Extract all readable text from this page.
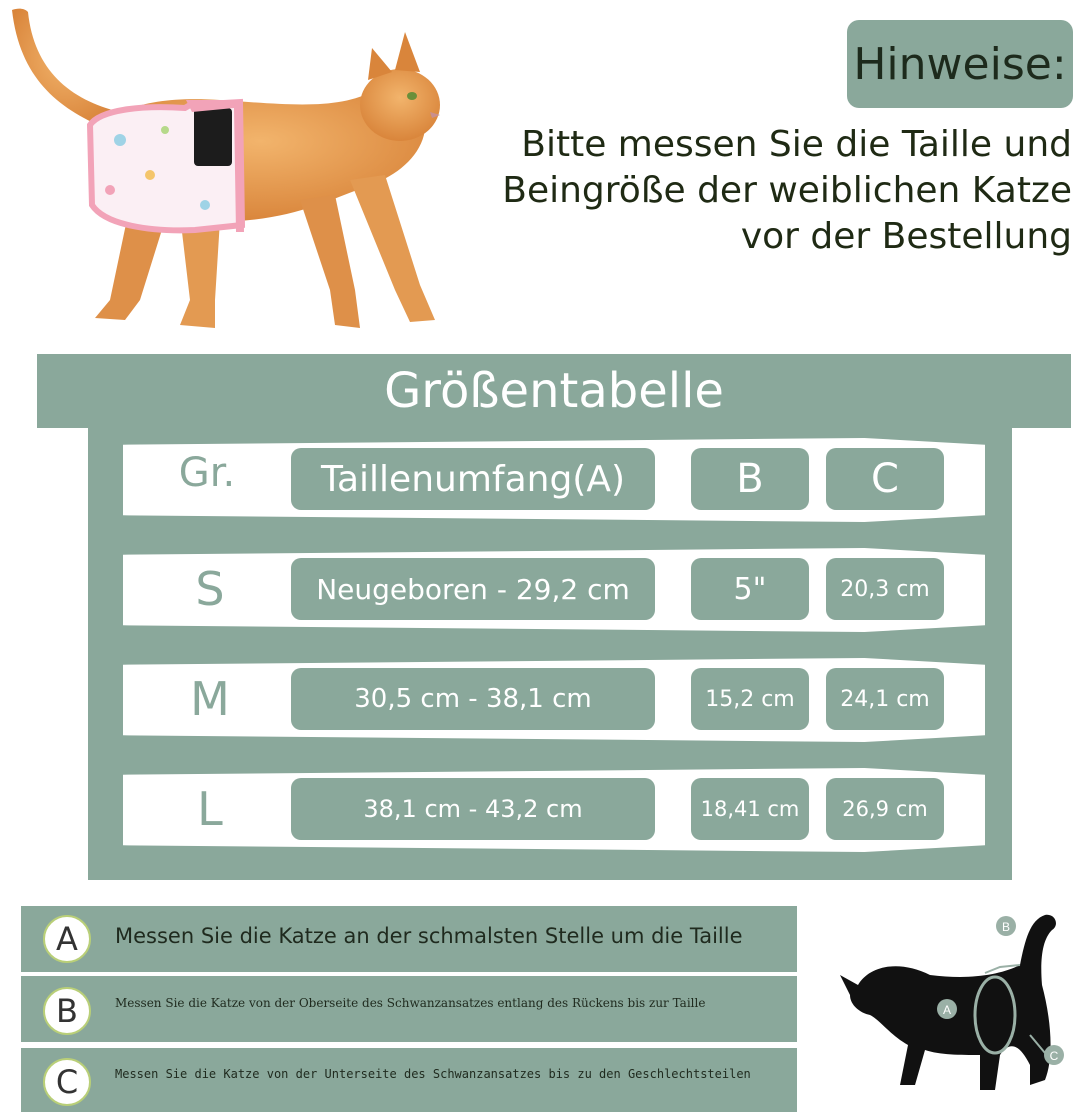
Hinweise:
Bitte messen Sie die Taille und
Beingröße der weiblichen Katze
vor der Bestellung
Größentabelle
Gr.	Taillenumfang(A)	B	C
S	Neugeboren - 29,2 cm	5"	20,3 cm
M	30,5 cm - 38,1 cm	15,2 cm	24,1 cm
L	38,1 cm - 43,2 cm	18,41 cm	26,9 cm
A	Messen Sie die Katze an der schmalsten Stelle um die Taille
B	Messen Sie die Katze von der Oberseite des Schwanzansatzes entlang des Rückens bis zur Taille
C	Messen Sie die Katze von der Unterseite des Schwanzansatzes bis zu den Geschlechtsteilen
A
B
C
